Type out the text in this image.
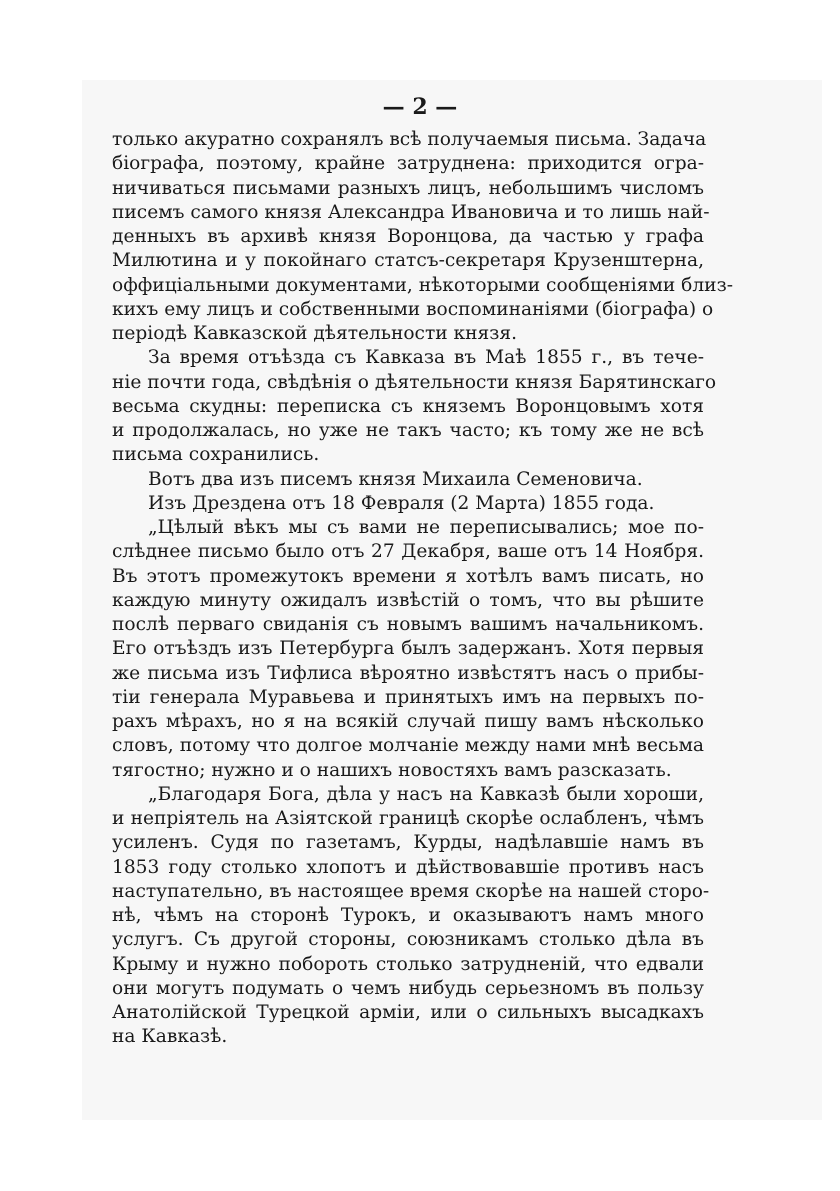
— 2 —
только акуратно сохранялъ всѣ получаемыя письма. Задача
біографа, поэтому, крайне затруднена: приходится огра-
ничиваться письмами разныхъ лицъ, небольшимъ числомъ
писемъ самого князя Александра Ивановича и то лишь най-
денныхъ въ архивѣ князя Воронцова, да частью у графа
Милютина и у покойнаго статсъ-секретаря Крузенштерна,
оффиціальными документами, нѣкоторыми сообщеніями близ-
кихъ ему лицъ и собственными воспоминаніями (біографа) о
періодѣ Кавказской дѣятельности князя.
За время отъѣзда съ Кавказа въ Маѣ 1855 г., въ тече-
ніе почти года, свѣдѣнія о дѣятельности князя Барятинскаго
весьма скудны: переписка съ княземъ Воронцовымъ хотя
и продолжалась, но уже не такъ часто; къ тому же не всѣ
письма сохранились.
Вотъ два изъ писемъ князя Михаила Семеновича.
Изъ Дрездена отъ 18 Февраля (2 Марта) 1855 года.
„Цѣлый вѣкъ мы съ вами не переписывались; мое по-
слѣднее письмо было отъ 27 Декабря, ваше отъ 14 Ноября.
Въ этотъ промежутокъ времени я хотѣлъ вамъ писать, но
каждую минуту ожидалъ извѣстій о томъ, что вы рѣшите
послѣ перваго свиданія съ новымъ вашимъ начальникомъ.
Его отъѣздъ изъ Петербурга былъ задержанъ. Хотя первыя
же письма изъ Тифлиса вѣроятно извѣстятъ насъ о прибы-
тіи генерала Муравьева и принятыхъ имъ на первыхъ по-
рахъ мѣрахъ, но я на всякій случай пишу вамъ нѣсколько
словъ, потому что долгое молчаніе между нами мнѣ весьма
тягостно; нужно и о нашихъ новостяхъ вамъ разсказать.
„Благодаря Бога, дѣла у насъ на Кавказѣ были хороши,
и непріятель на Азіятской границѣ скорѣе ослабленъ, чѣмъ
усиленъ. Судя по газетамъ, Курды, надѣлавшіе намъ въ
1853 году столько хлопотъ и дѣйствовавшіе противъ насъ
наступательно, въ настоящее время скорѣе на нашей сторо-
нѣ, чѣмъ на сторонѣ Турокъ, и оказываютъ намъ много
услугъ. Съ другой стороны, союзникамъ столько дѣла въ
Крыму и нужно побороть столько затрудненій, что едвали
они могутъ подумать о чемъ нибудь серьезномъ въ пользу
Анатолійской Турецкой арміи, или о сильныхъ высадкахъ
на Кавказѣ.
